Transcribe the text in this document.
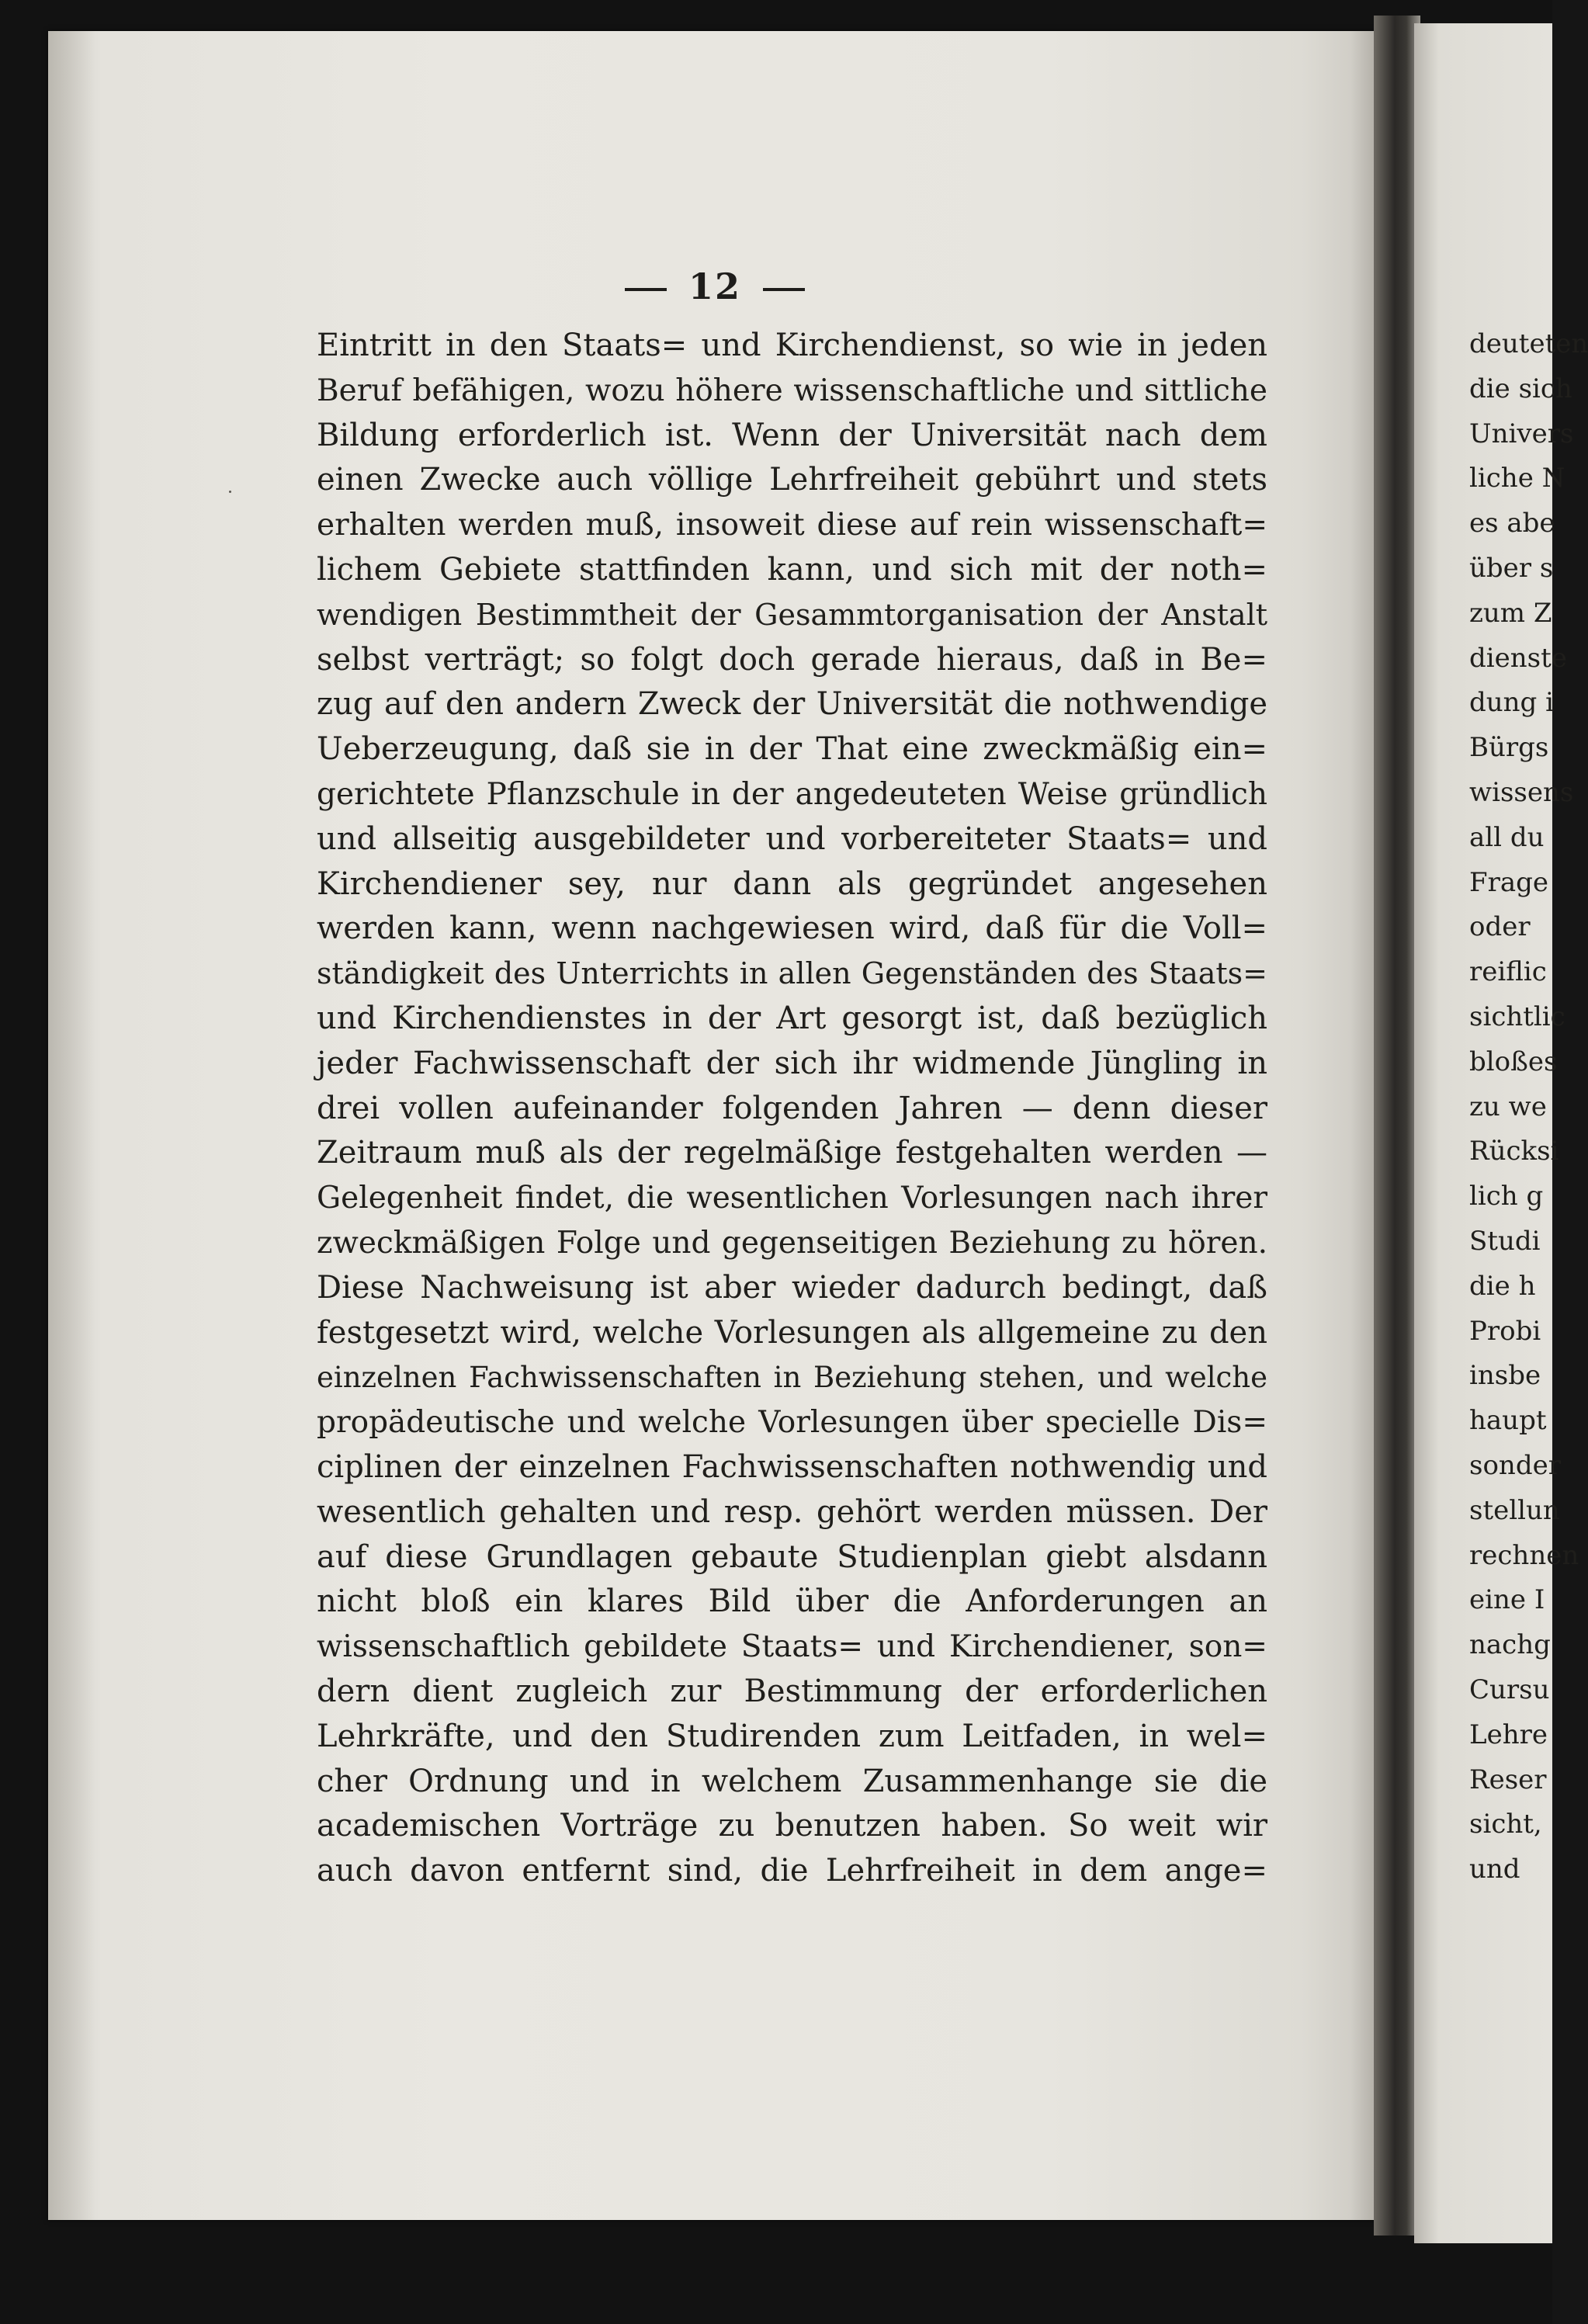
12
Eintritt in den Staats= und Kirchendienst, so wie in jeden
Beruf befähigen, wozu höhere wissenschaftliche und sittliche
Bildung erforderlich ist. Wenn der Universität nach dem
einen Zwecke auch völlige Lehrfreiheit gebührt und stets
erhalten werden muß, insoweit diese auf rein wissenschaft=
lichem Gebiete stattfinden kann, und sich mit der noth=
wendigen Bestimmtheit der Gesammtorganisation der Anstalt
selbst verträgt; so folgt doch gerade hieraus, daß in Be=
zug auf den andern Zweck der Universität die nothwendige
Ueberzeugung, daß sie in der That eine zweckmäßig ein=
gerichtete Pflanzschule in der angedeuteten Weise gründlich
und allseitig ausgebildeter und vorbereiteter Staats= und
Kirchendiener sey, nur dann als gegründet angesehen
werden kann, wenn nachgewiesen wird, daß für die Voll=
ständigkeit des Unterrichts in allen Gegenständen des Staats=
und Kirchendienstes in der Art gesorgt ist, daß bezüglich
jeder Fachwissenschaft der sich ihr widmende Jüngling in
drei vollen aufeinander folgenden Jahren — denn dieser
Zeitraum muß als der regelmäßige festgehalten werden —
Gelegenheit findet, die wesentlichen Vorlesungen nach ihrer
zweckmäßigen Folge und gegenseitigen Beziehung zu hören.
Diese Nachweisung ist aber wieder dadurch bedingt, daß
festgesetzt wird, welche Vorlesungen als allgemeine zu den
einzelnen Fachwissenschaften in Beziehung stehen, und welche
propädeutische und welche Vorlesungen über specielle Dis=
ciplinen der einzelnen Fachwissenschaften nothwendig und
wesentlich gehalten und resp. gehört werden müssen. Der
auf diese Grundlagen gebaute Studienplan giebt alsdann
nicht bloß ein klares Bild über die Anforderungen an
wissenschaftlich gebildete Staats= und Kirchendiener, son=
dern dient zugleich zur Bestimmung der erforderlichen
Lehrkräfte, und den Studirenden zum Leitfaden, in wel=
cher Ordnung und in welchem Zusammenhange sie die
academischen Vorträge zu benutzen haben. So weit wir
auch davon entfernt sind, die Lehrfreiheit in dem ange=
deuteten
die sich
Univers
liche N
es abe
über s
zum Z
dienste
dung i
Bürgs
wissens
all du
Frage
oder
reiflic
sichtlic
bloßes
zu we
Rücksi
lich g
Studi
die h
Probi
insbe
haupt
sonder
stellun
rechnen
eine I
nachg
Cursu
Lehre
Reser
sicht,
und
